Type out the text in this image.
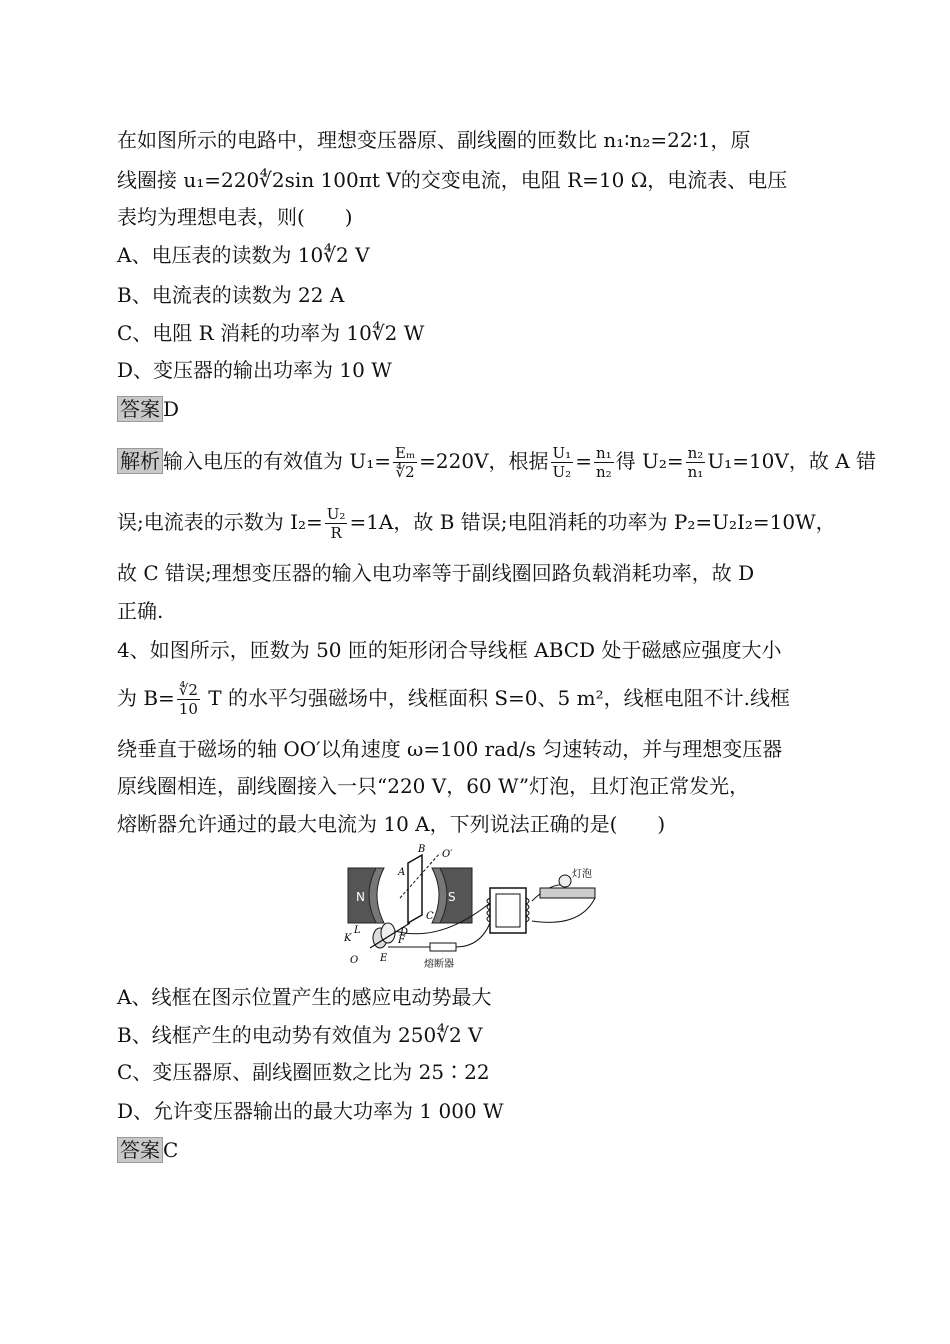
在如图所示的电路中，理想变压器原、副线圈的匝数比 n₁∶n₂=22∶1，原
线圈接 u₁=220∜2sin 100πt V的交变电流，电阻 R=10 Ω，电流表、电压
表均为理想电表，则(　　)
A、电压表的读数为 10∜2 V
B、电流表的读数为 22 A
C、电阻 R 消耗的功率为 10∜2 W
D、变压器的输出功率为 10 W
答案 D
解析 输入电压的有效值为 $U_1= \frac{\text{Eₘ}}{∜2} =220V$，根据 $\frac{\text{U₁}}{\text{U₂}} = \frac{\text{n₁}}{\text{n₂}}$ 得 $U_2= \frac{\text{n₂}}{\text{n₁}} U_1=10V$，故 A 错
误;电流表的示数为 $I_2= \frac{\text{U₂}}{R} =1A$，故 B 错误;电阻消耗的功率为 P₂=U₂I₂=10W，
故 C 错误;理想变压器的输入电功率等于副线圈回路负载消耗功率，故 D
正确.
4、如图所示，匝数为 50 匝的矩形闭合导线框 ABCD 处于磁感应强度大小
为 $B= \frac{∜2}{10}$ T 的水平匀强磁场中，线框面积 S=0、5 m²，线框电阻不计.线框
绕垂直于磁场的轴 OO′以角速度 ω=100 rad/s 匀速转动，并与理想变压器
原线圈相连，副线圈接入一只“220 V，60 W”灯泡，且灯泡正常发光，
熔断器允许通过的最大电流为 10 A，下列说法正确的是(　　)
N	S
B
A
C
D
O′
K
L
O E
F
熔断器
灯泡
A、线框在图示位置产生的感应电动势最大
B、线框产生的电动势有效值为 250∜2 V
C、变压器原、副线圈匝数之比为 25∶22
D、允许变压器输出的最大功率为 1 000 W
答案 C
